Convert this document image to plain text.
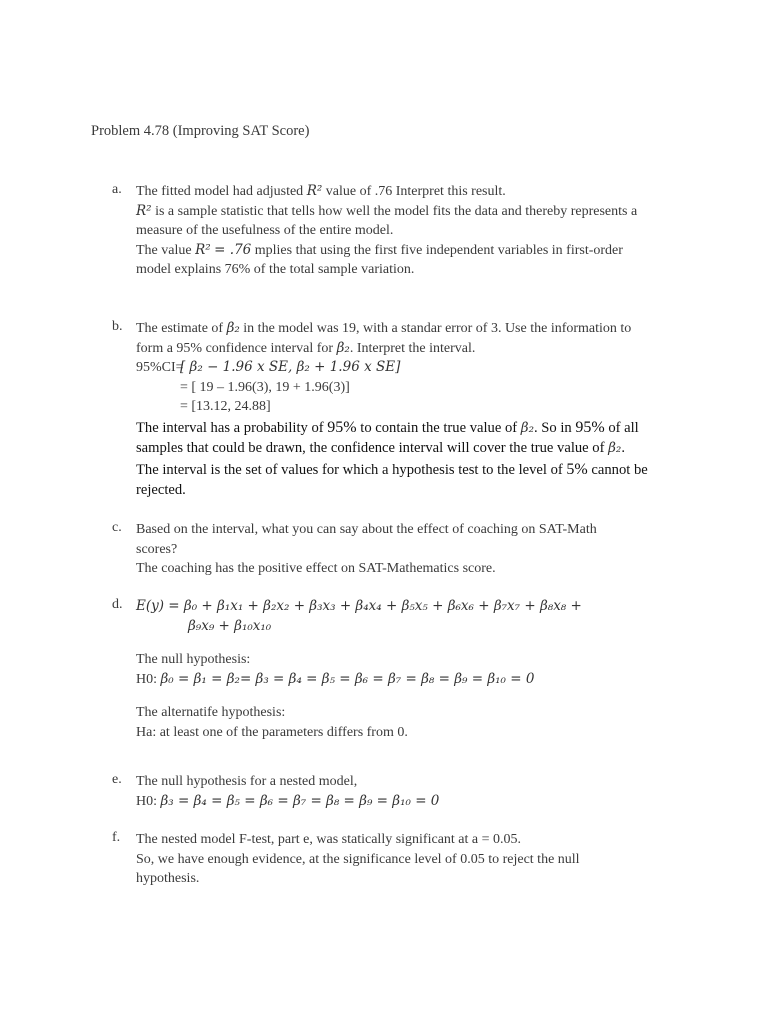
Problem 4.78 (Improving SAT Score)
a. The fitted model had adjusted R² value of .76 Interpret this result.
R² is a sample statistic that tells how well the model fits the data and thereby represents a
measure of the usefulness of the entire model.
The value R² = .76 mplies that using the first five independent variables in first-order
model explains 76% of the total sample variation.
b. The estimate of β₂ in the model was 19, with a standar error of 3. Use the information to
form a 95% confidence interval for β₂. Interpret the interval.
95%CI=[ β₂ − 1.96 x SE, β₂ + 1.96 x SE]
= [ 19 – 1.96(3), 19 + 1.96(3)]
= [13.12, 24.88]
The interval has a probability of 95% to contain the true value of β₂. So in 95% of all
samples that could be drawn, the confidence interval will cover the true value of β₂.
The interval is the set of values for which a hypothesis test to the level of 5% cannot be
rejected.
c. Based on the interval, what you can say about the effect of coaching on SAT-Math
scores?
The coaching has the positive effect on SAT-Mathematics score.
d. E(y) = β₀ + β₁x₁ + β₂x₂ + β₃x₃ + β₄x₄ + β₅x₅ + β₆x₆ + β₇x₇ + β₈x₈ +
β₉x₉ + β₁₀x₁₀
The null hypothesis:
H0: β₀ = β₁ = β₂= β₃ = β₄ = β₅ = β₆ = β₇ = β₈ = β₉ = β₁₀ = 0
The alternatife hypothesis:
Ha: at least one of the parameters differs from 0.
e. The null hypothesis for a nested model,
H0: β₃ = β₄ = β₅ = β₆ = β₇ = β₈ = β₉ = β₁₀ = 0
f. The nested model F-test, part e, was statically significant at a = 0.05.
So, we have enough evidence, at the significance level of 0.05 to reject the null
hypothesis.
